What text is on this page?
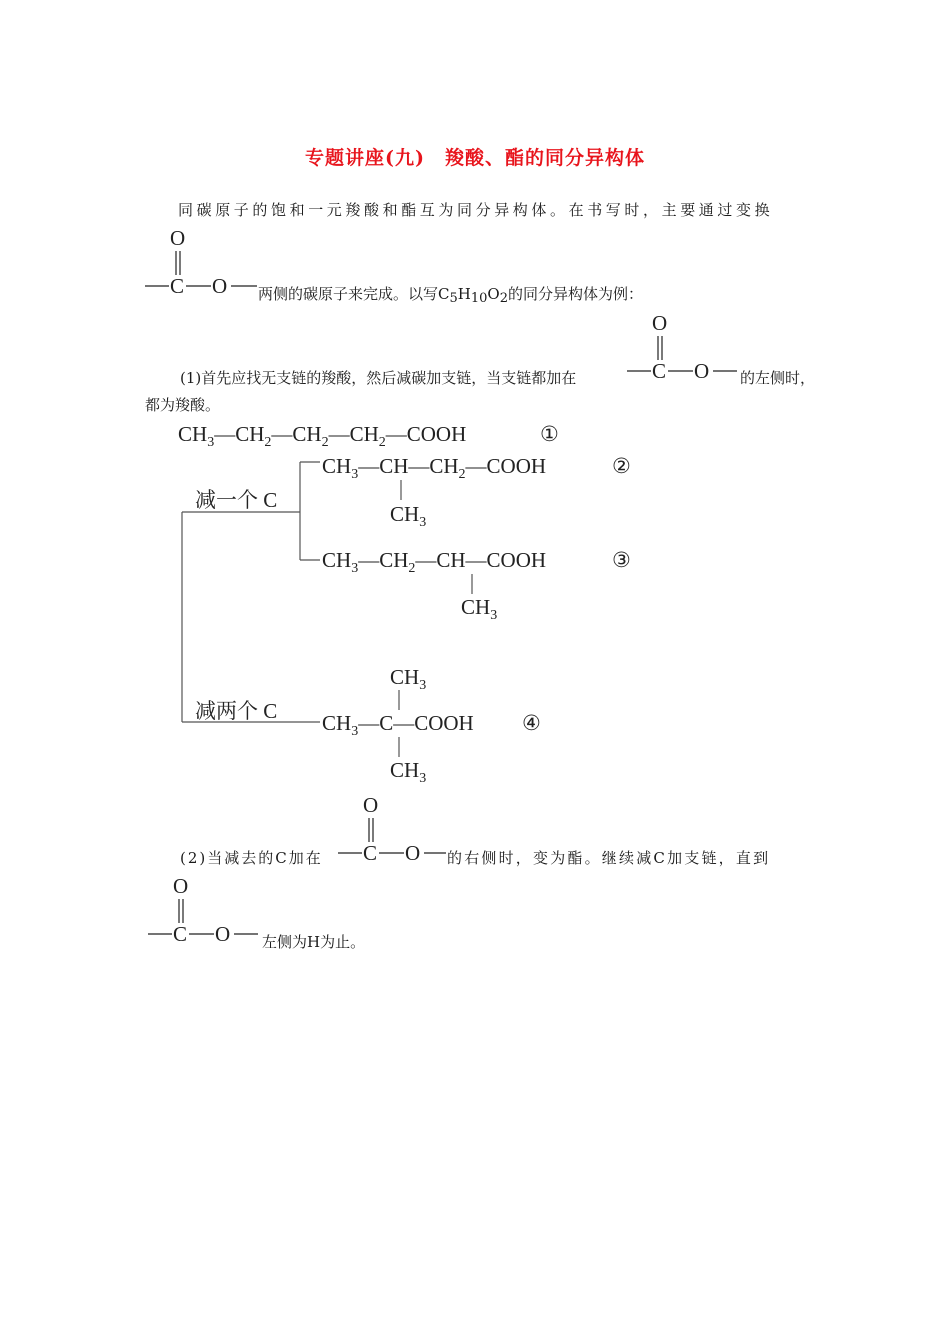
专题讲座(九)　羧酸、酯的同分异构体
同碳原子的饱和一元羧酸和酯互为同分异构体。在书写时，主要通过变换
O
C O 两侧的碳原子来完成。以写$C_5H_{10}O_2$的同分异构体为例：
(1)首先应找无支链的羧酸，然后减碳加支链，当支链都加在
O
C O 的左侧时，
都为羧酸。
$CH_3—CH_2—CH_2—CH_2—COOH$	①
减一个 C
减两个 C
$CH_3—CH—CH_2—COOH$
$CH_3$
②
$CH_3—CH_2—CH—COOH$
$CH_3$
③
$CH_3$
$CH_3—C—COOH$
$CH_3$
④
(2)当减去的C加在
O
C O 的右侧时，变为酯。继续减C加支链，直到
O
C O 左侧为H为止。
